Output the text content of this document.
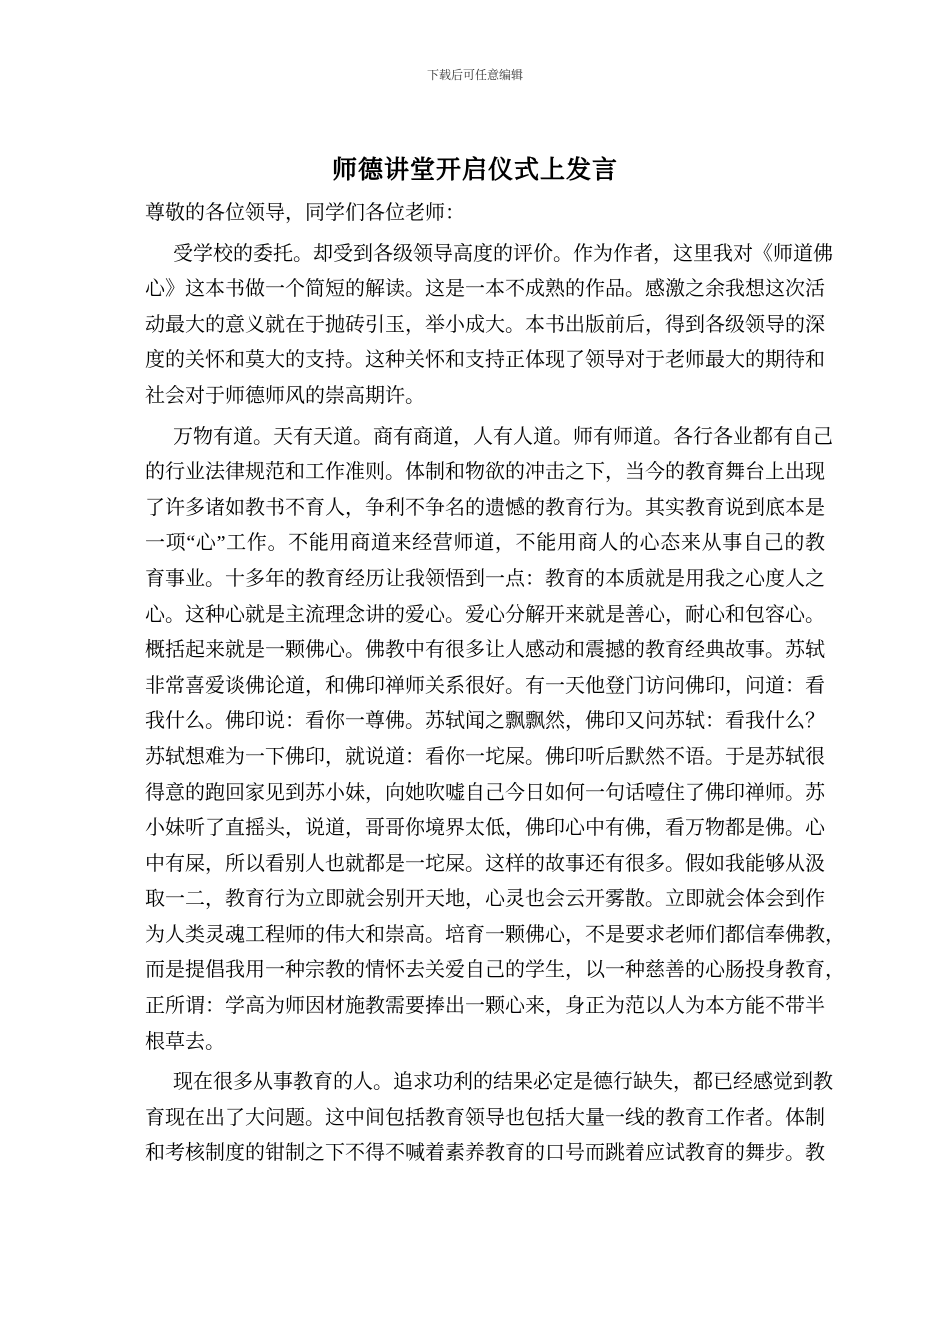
下载后可任意编辑
师德讲堂开启仪式上发言
尊敬的各位领导，同学们各位老师：
受学校的委托。却受到各级领导高度的评价。作为作者，这里我对《师道佛
心》这本书做一个简短的解读。这是一本不成熟的作品。感激之余我想这次活
动最大的意义就在于抛砖引玉，举小成大。本书出版前后，得到各级领导的深
度的关怀和莫大的支持。这种关怀和支持正体现了领导对于老师最大的期待和
社会对于师德师风的崇高期许。
万物有道。天有天道。商有商道，人有人道。师有师道。各行各业都有自己
的行业法律规范和工作准则。体制和物欲的冲击之下，当今的教育舞台上出现
了许多诸如教书不育人，争利不争名的遗憾的教育行为。其实教育说到底本是
一项“心”工作。不能用商道来经营师道，不能用商人的心态来从事自己的教
育事业。十多年的教育经历让我领悟到一点：教育的本质就是用我之心度人之
心。这种心就是主流理念讲的爱心。爱心分解开来就是善心，耐心和包容心。
概括起来就是一颗佛心。佛教中有很多让人感动和震撼的教育经典故事。苏轼
非常喜爱谈佛论道，和佛印禅师关系很好。有一天他登门访问佛印，问道：看
我什么。佛印说：看你一尊佛。苏轼闻之飘飘然，佛印又问苏轼：看我什么？
苏轼想难为一下佛印，就说道：看你一坨屎。佛印听后默然不语。于是苏轼很
得意的跑回家见到苏小妹，向她吹嘘自己今日如何一句话噎住了佛印禅师。苏
小妹听了直摇头，说道，哥哥你境界太低，佛印心中有佛，看万物都是佛。心
中有屎，所以看别人也就都是一坨屎。这样的故事还有很多。假如我能够从汲
取一二，教育行为立即就会别开天地，心灵也会云开雾散。立即就会体会到作
为人类灵魂工程师的伟大和崇高。培育一颗佛心，不是要求老师们都信奉佛教，
而是提倡我用一种宗教的情怀去关爱自己的学生，以一种慈善的心肠投身教育，
正所谓：学高为师因材施教需要捧出一颗心来，身正为范以人为本方能不带半
根草去。
现在很多从事教育的人。追求功利的结果必定是德行缺失，都已经感觉到教
育现在出了大问题。这中间包括教育领导也包括大量一线的教育工作者。体制
和考核制度的钳制之下不得不喊着素养教育的口号而跳着应试教育的舞步。教
